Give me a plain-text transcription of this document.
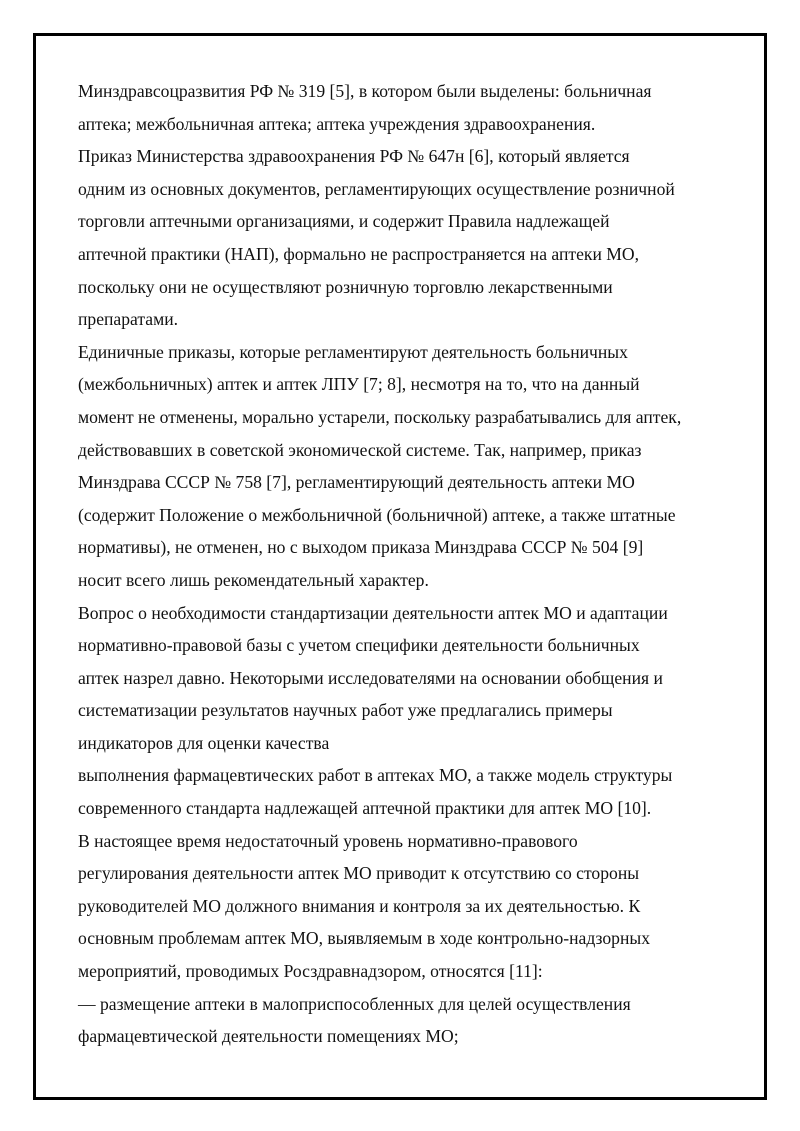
Минздравсоцразвития РФ № 319 [5], в котором были выделены: больничная
аптека; межбольничная аптека; аптека учреждения здравоохранения.
Приказ Министерства здравоохранения РФ № 647н [6], который является
одним из основных документов, регламентирующих осуществление розничной
торговли аптечными организациями, и содержит Правила надлежащей
аптечной практики (НАП), формально не распространяется на аптеки МО,
поскольку они не осуществляют розничную торговлю лекарственными
препаратами.
Единичные приказы, которые регламентируют деятельность больничных
(межбольничных) аптек и аптек ЛПУ [7; 8], несмотря на то, что на данный
момент не отменены, морально устарели, поскольку разрабатывались для аптек,
действовавших в советской экономической системе. Так, например, приказ
Минздрава СССР № 758 [7], регламентирующий деятельность аптеки МО
(содержит Положение о межбольничной (больничной) аптеке, а также штатные
нормативы), не отменен, но с выходом приказа Минздрава СССР № 504 [9]
носит всего лишь рекомендательный характер.
Вопрос о необходимости стандартизации деятельности аптек МО и адаптации
нормативно-правовой базы с учетом специфики деятельности больничных
аптек назрел давно. Некоторыми исследователями на основании обобщения и
систематизации результатов научных работ уже предлагались примеры
индикаторов для оценки качества
выполнения фармацевтических работ в аптеках МО, а также модель структуры
современного стандарта надлежащей аптечной практики для аптек МО [10].
В настоящее время недостаточный уровень нормативно-правового
регулирования деятельности аптек МО приводит к отсутствию со стороны
руководителей МО должного внимания и контроля за их деятельностью. К
основным проблемам аптек МО, выявляемым в ходе контрольно-надзорных
мероприятий, проводимых Росздравнадзором, относятся [11]:
— размещение аптеки в малоприспособленных для целей осуществления
фармацевтической деятельности помещениях МО;
